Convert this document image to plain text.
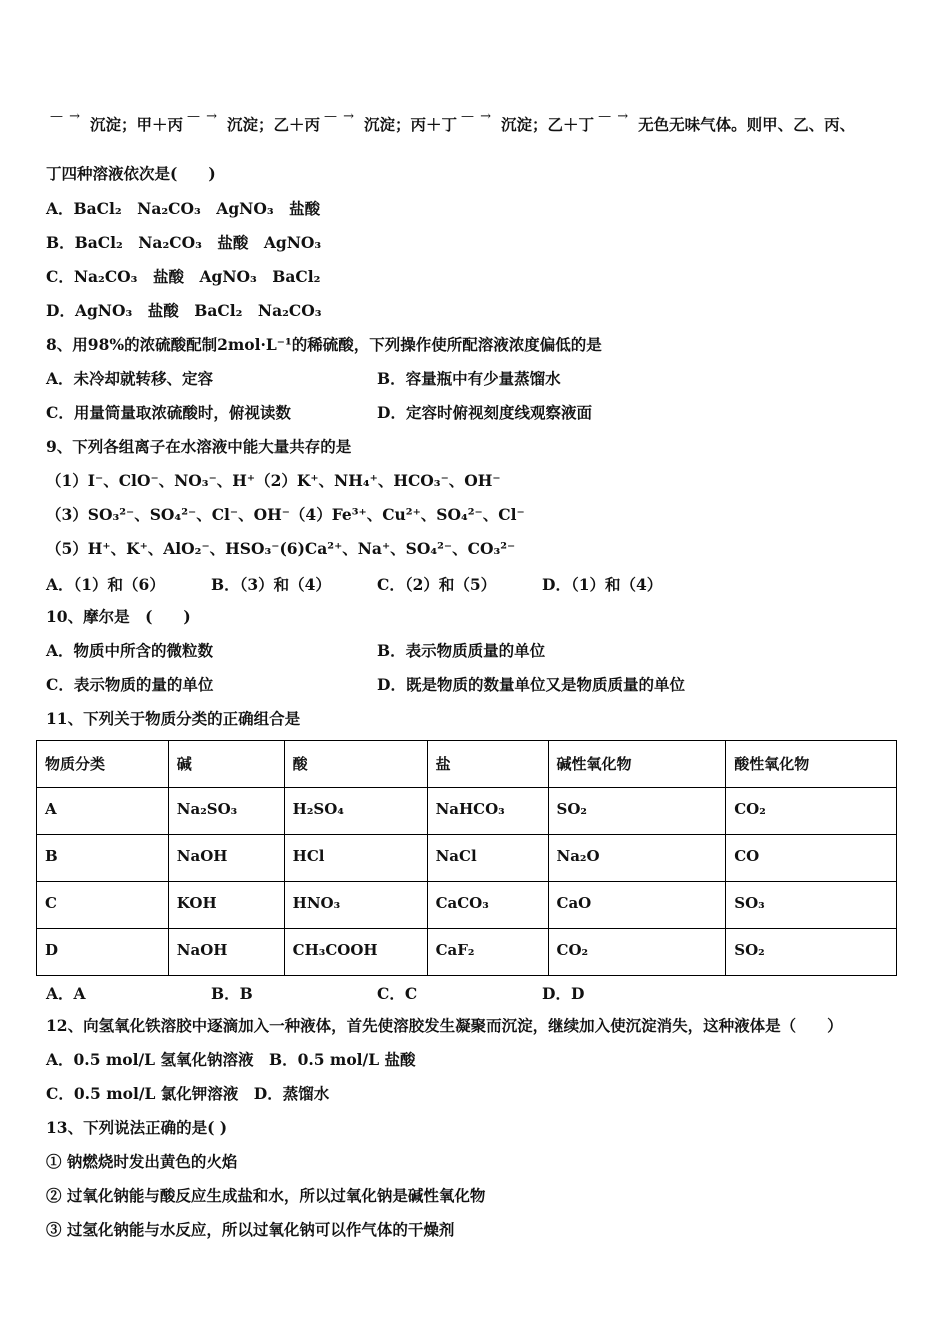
— →沉淀；甲＋丙 — →	沉淀；乙＋丙 — →	沉淀；丙＋丁 — →	沉淀；乙＋丁 — →	无色无味气体。则甲、乙、丙、
丁四种溶液依次是(　　)
A．BaCl₂　Na₂CO₃　AgNO₃　盐酸
B．BaCl₂　Na₂CO₃　盐酸　AgNO₃
C．Na₂CO₃　盐酸　AgNO₃　BaCl₂
D．AgNO₃　盐酸　BaCl₂　Na₂CO₃
8、用98%的浓硫酸配制2mol·L⁻¹的稀硫酸，下列操作使所配溶液浓度偏低的是
A．未冷却就转移、定容	B．容量瓶中有少量蒸馏水
C．用量筒量取浓硫酸时，俯视读数	D．定容时俯视刻度线观察液面
9、下列各组离子在水溶液中能大量共存的是
（1）I⁻、ClO⁻、NO₃⁻、H⁺（2）K⁺、NH₄⁺、HCO₃⁻、OH⁻
（3）SO₃²⁻、SO₄²⁻、Cl⁻、OH⁻（4）Fe³⁺、Cu²⁺、SO₄²⁻、Cl⁻
（5）H⁺、K⁺、AlO₂⁻、HSO₃⁻(6)Ca²⁺、Na⁺、SO₄²⁻、CO₃²⁻
A．（1）和（6）	B．（3）和（4）	C．（2）和（5）	D．（1）和（4）
10、摩尔是　(　　)
A．物质中所含的微粒数	B．表示物质质量的单位
C．表示物质的量的单位	D．既是物质的数量单位又是物质质量的单位
11、下列关于物质分类的正确组合是
物质分类	碱	酸	盐	碱性氧化物	酸性氧化物

A	Na₂SO₃	H₂SO₄	NaHCO₃	SO₂	CO₂

B	NaOH	HCl	NaCl	Na₂O	CO

C	KOH	HNO₃	CaCO₃	CaO	SO₃

D	NaOH	CH₃COOH	CaF₂	CO₂	SO₂
A．A	B．B	C．C	D．D
12、向氢氧化铁溶胶中逐滴加入一种液体，首先使溶胶发生凝聚而沉淀，继续加入使沉淀消失，这种液体是（　　）
A．0.5 mol/L 氢氧化钠溶液　B．0.5 mol/L 盐酸
C．0.5 mol/L 氯化钾溶液　D．蒸馏水
13、下列说法正确的是( )
① 钠燃烧时发出黄色的火焰
② 过氧化钠能与酸反应生成盐和水，所以过氧化钠是碱性氧化物
③ 过氢化钠能与水反应，所以过氧化钠可以作气体的干燥剂
